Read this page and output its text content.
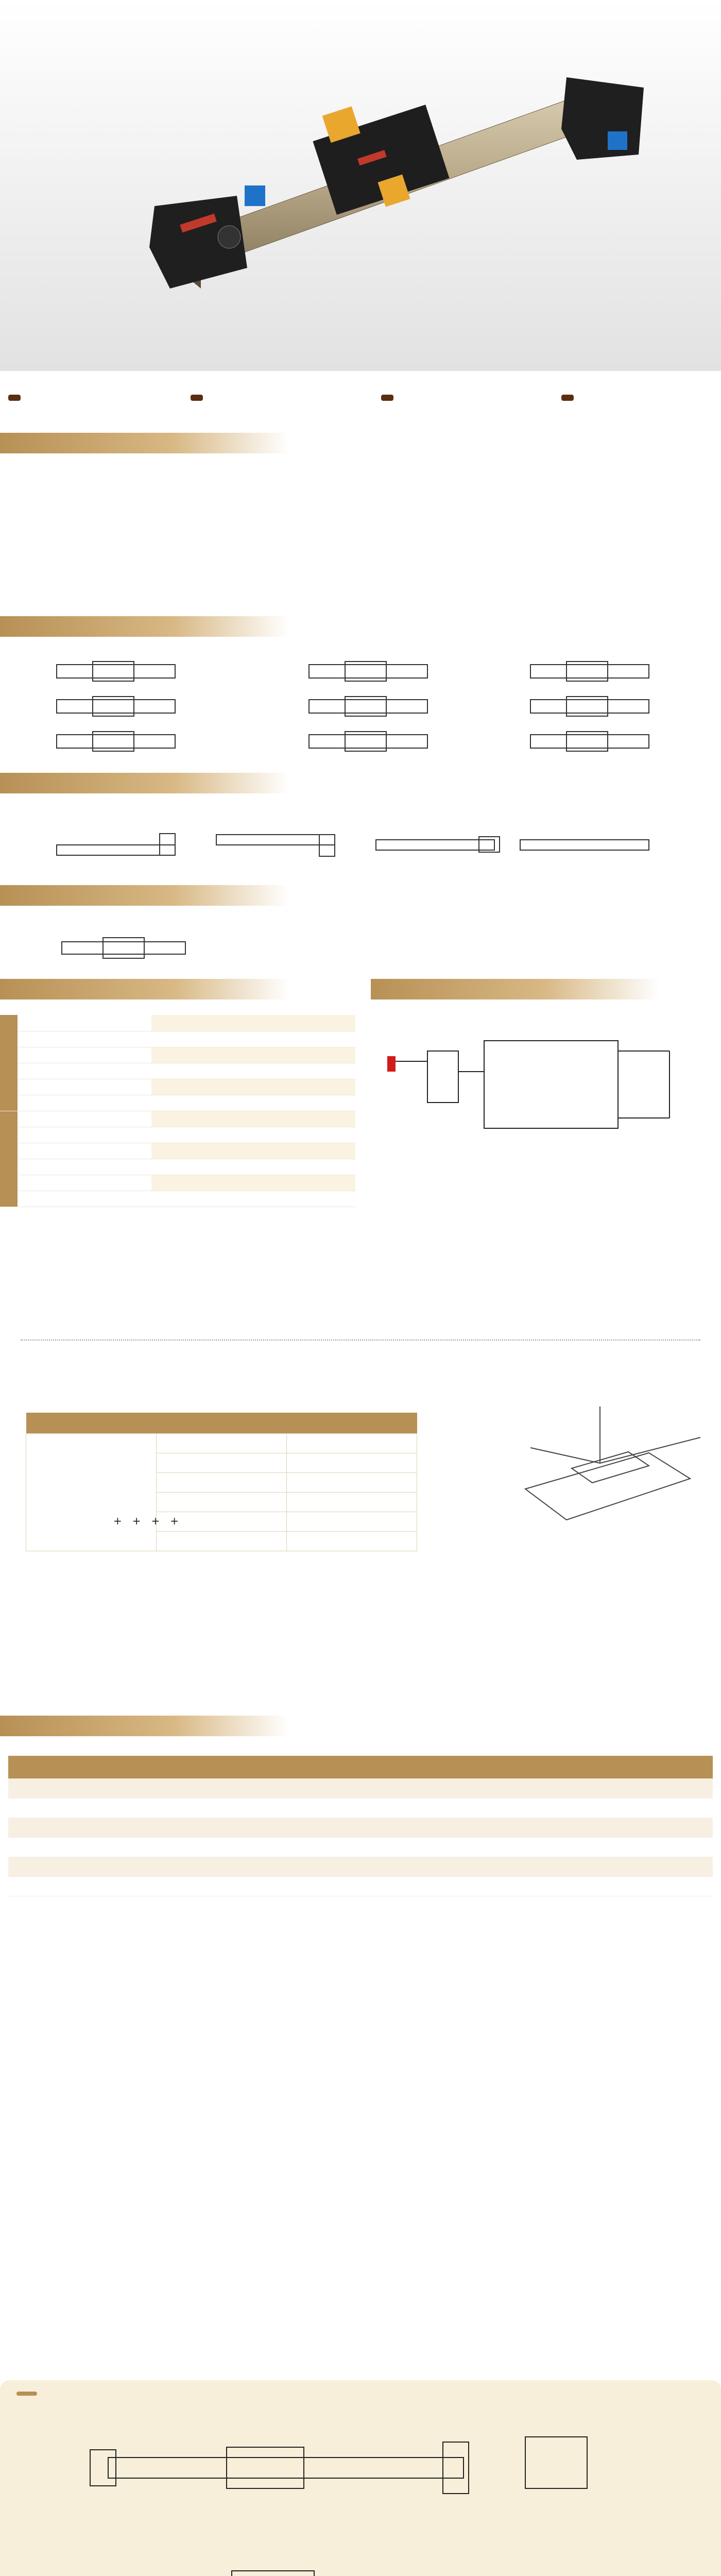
+ + + +
